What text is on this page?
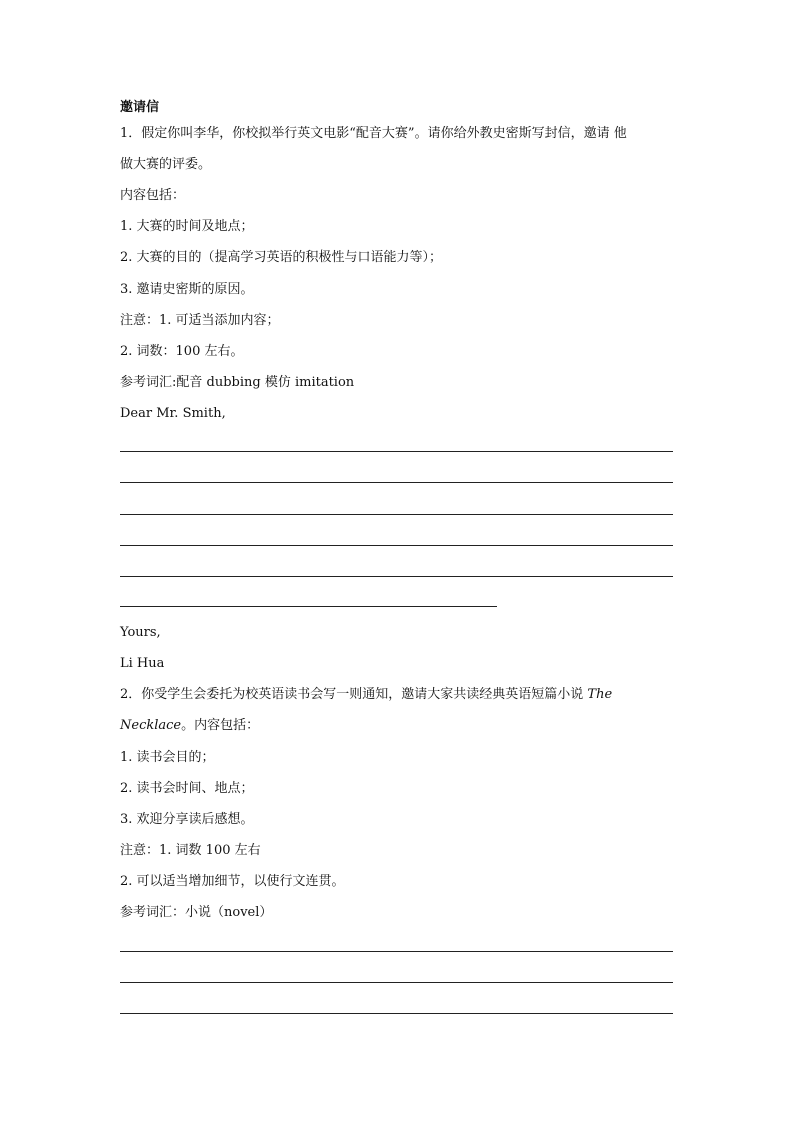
邀请信
1．假定你叫李华，你校拟举行英文电影“配音大赛”。请你给外教史密斯写封信，邀请 他
做大赛的评委。
内容包括：
1. 大赛的时间及地点；
2. 大赛的目的（提高学习英语的积极性与口语能力等）；
3. 邀请史密斯的原因。
注意：1. 可适当添加内容；
2. 词数：100 左右。
参考词汇:配音 dubbing 模仿 imitation
Dear Mr. Smith,
Yours,
Li Hua
2．你受学生会委托为校英语读书会写一则通知，邀请大家共读经典英语短篇小说 The
Necklace。内容包括：
1. 读书会目的；
2. 读书会时间、地点；
3. 欢迎分享读后感想。
注意：1. 词数 100 左右
2. 可以适当增加细节，以使行文连贯。
参考词汇：小说（novel）
